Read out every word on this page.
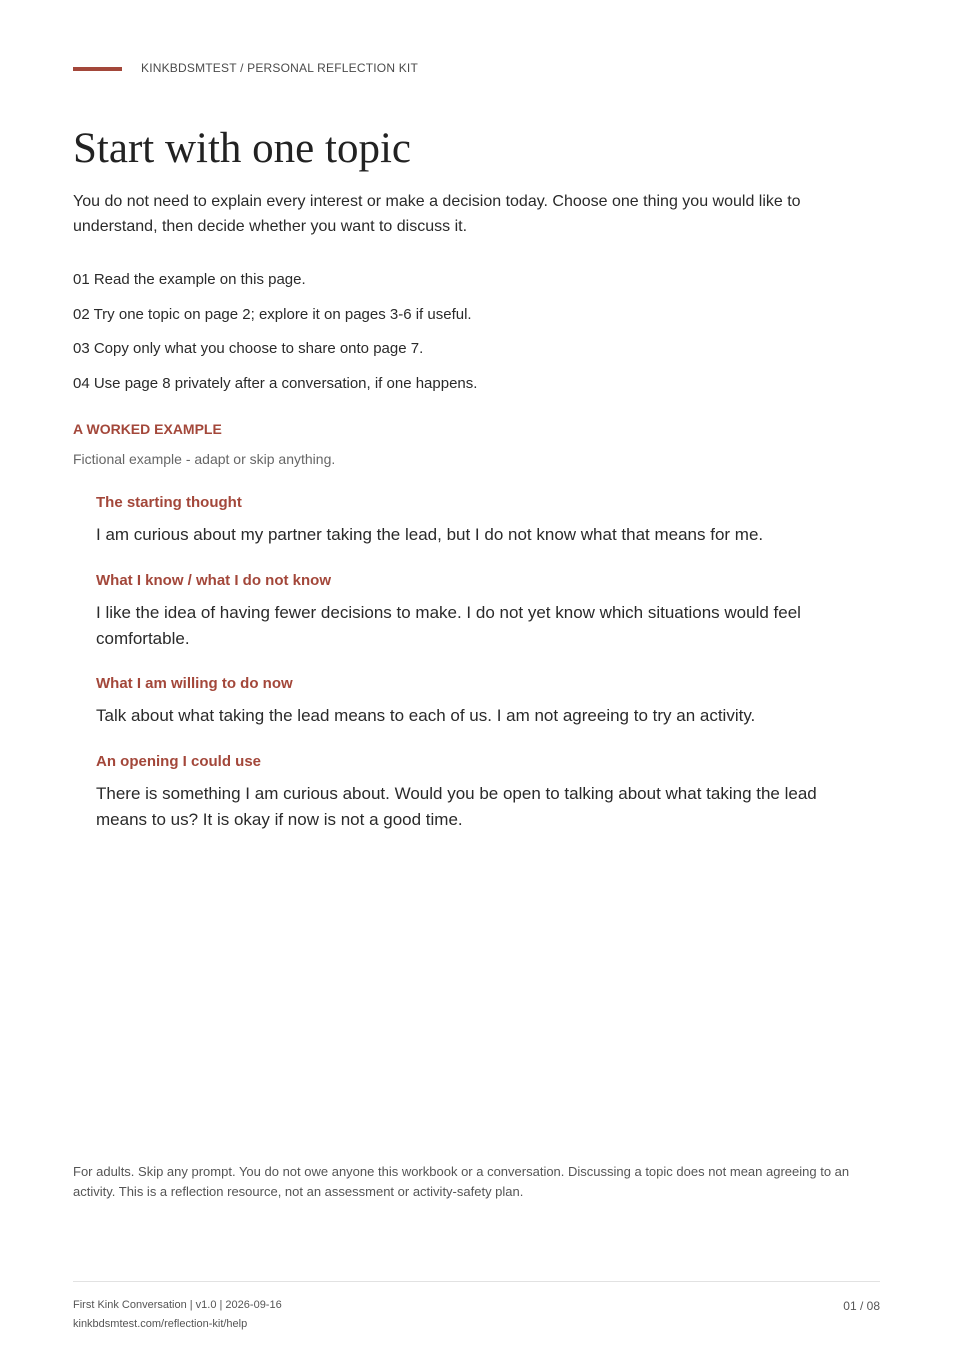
KINKBDSMTEST / PERSONAL REFLECTION KIT
Start with one topic

You do not need to explain every interest or make a decision today. Choose one thing you would like to understand, then decide whether you want to discuss it.

01 Read the example on this page.
02 Try one topic on page 2; explore it on pages 3-6 if useful.
03 Copy only what you choose to share onto page 7.
04 Use page 8 privately after a conversation, if one happens.
A WORKED EXAMPLE
Fictional example - adapt or skip anything.
The starting thought
I am curious about my partner taking the lead, but I do not know what that means for me.
What I know / what I do not know
I like the idea of having fewer decisions to make. I do not yet know which situations would feel comfortable.
What I am willing to do now
Talk about what taking the lead means to each of us. I am not agreeing to try an activity.
An opening I could use
There is something I am curious about. Would you be open to talking about what taking the lead means to us? It is okay if now is not a good time.

For adults. Skip any prompt. You do not owe anyone this workbook or a conversation. Discussing a topic does not mean agreeing to an activity. This is a reflection resource, not an assessment or activity-safety plan.

First Kink Conversation | v1.0 | 2026-09-16
kinkbdsmtest.com/reflection-kit/help
01 / 08
